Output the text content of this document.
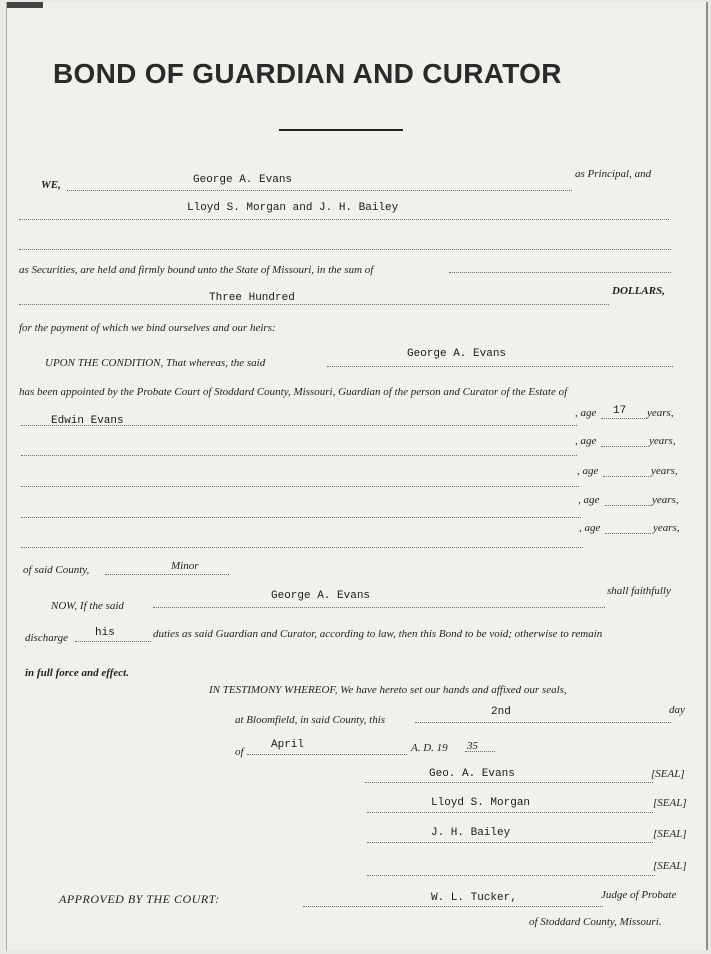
BOND OF GUARDIAN AND CURATOR
WE,	George A. Evans	as Principal, and
Lloyd S. Morgan and J. H. Bailey
as Securities, are held and firmly bound unto the State of Missouri, in the sum of
Three Hundred
DOLLARS,
for the payment of which we bind ourselves and our heirs:
UPON THE CONDITION, That whereas, the said
George A. Evans
has been appointed by the Probate Court of Stoddard County, Missouri, Guardian of the person and Curator of the Estate of
Edwin Evans
, age 17 years,
, age	years,
, age	years,
, age	years,
, age	years,
of said County,	Minor
NOW, If the said
George A. Evans	shall faithfully
discharge his	duties as said Guardian and Curator, according to law, then this Bond to be void; otherwise to remain
in full force and effect.
IN TESTIMONY WHEREOF, We have hereto set our hands and affixed our seals,
at Bloomfield, in said County, this
2nd	day
of
April	A. D. 19 35
Geo. A. Evans	[SEAL]
Lloyd S. Morgan	[SEAL]
J. H. Bailey	[SEAL]
[SEAL]
APPROVED BY THE COURT:	W. L. Tucker,	Judge of Probate
of Stoddard County, Missouri.
